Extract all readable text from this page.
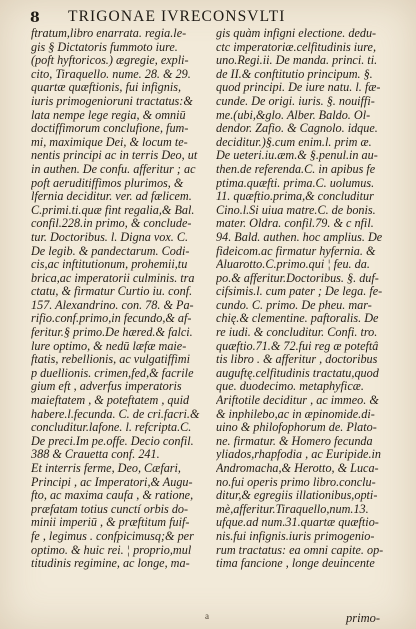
8 TRIGONAE IVRECONSVLTI
ftratum,libro enarrata. regia.le-
gis § Dictatoris fummoto iure.
(poft hyftoricos.) ægregie, expli-
cito, Tiraquello. nume. 28. & 29.
quartæ quæftionis, fui infignis,
iuris primogenioruni tractatus:&
lata nempe lege regia, & omniū
doctiffimorum conclufione, fum-
mi, maximique Dei, & locum te-
nentis principi ac in terris Deo, ut
in authen. De confu. afferitur ; ac
poft aeruditiffimos plurimos, &
lfernia deciditur. ver. ad fælicem.
C.primi.ti.quæ fint regalia,& Bal.
confil.228.in primo, & conclude-
tur. Doctoribus. l. Digna vox. C.
De legib. & pandectarum. Codi-
cis,ac inftitutionum, prohemii,tu
brica,ac imperatorii culminis. tra
ctatu, & firmatur Curtio iu. conf.
157. Alexandrino. con. 78. & Pa-
rifio.conf.primo,in fecundo,& af-
feritur.§ primo.De hæred.& falci.
lure optimo, & nedū læfæ maie-
ftatis, rebellionis, ac vulgatiffimi
p duellionis. crimen,fed,& facrile
gium eft , adverfus imperatoris
maieftatem , & poteftatem , quid
habere.l.fecunda. C. de cri.facri.&
concluditur.lafone. l. refcripta.C.
De preci.Im pe.offe. Decio confil.
388 & Crauetta conf. 241.
Et interris ferme, Deo, Cæfari,
Principi , ac Imperatori,& Augu-
fto, ac maxima caufa , & ratione,
præfatam totius cunctí orbis do-
minii imperiū , & præftitum fuif-
fe , legimus . confpicimusq;& per
optimo. & huic rei. ¦ proprio,mul
titudinis regimine, ac longe, ma-
gis quàm infigni electione. dedu-
ctc imperatoriæ.celfitudinis iure,
uno.Regi.ii. De manda. princi. ti.
de II.& conftitutio principum. §.
quod principi. De iure natu. l. fæ-
cunde. De origi. iuris. §. nouiffi-
me.(ubi,&glo. Alber. Baldo. Ol-
dendor. Zafio. & Cagnolo. idque.
deciditur.)§.cum enim.l. prim æ.
De ueteri.iu.æm.& §.penul.in au-
then.de referenda.C. in apibus fe
ptima.quæfti. prima.C. uolumus.
11. quæftio.prima,& concluditur
Cino.l.Si uiua matre.C. de bonis.
mater. Oldra. confil.79. & c nfil.
94. Bald. authen. hoc amplius. De
fideicom.ac firmatur hyfernia. &
Aluarotto.C.primo.qui ¦ feu. da.
po.& afferitur.Doctoribus. §. duf-
cifsimis.l. cum pater ; De lega. fe-
cundo. C. primo. De pheu. mar-
chię.& clementine. paftoralis. De
re iudi. & concluditur. Confi. tro.
quæftio.71.& 72.fui reg æ poteftâ
tis libro . & afferitur , doctoribus
auguftę.celfitudinis tractatu,quod
que. duodecimo. metaphyficæ.
Ariftotile deciditur , ac immeo. &
& inphilebo,ac in æpinomide.di-
uino & philofophorum de. Plato-
ne. firmatur. & Homero fecunda
yliados,rhapfodia , ac Euripide.in
Andromacha,& Herotto, & Luca-
no.fui operis primo libro.conclu-
ditur,& egregiis illationibus,opti-
mè,afferitur.Tiraquello,num.13.
ufque.ad num.31.quartæ quæftio-
nis.fui infignis.iuris primogenio-
rum tractatus: ea omni capite. op-
tima fancione , longe deuincente
a	primo-
